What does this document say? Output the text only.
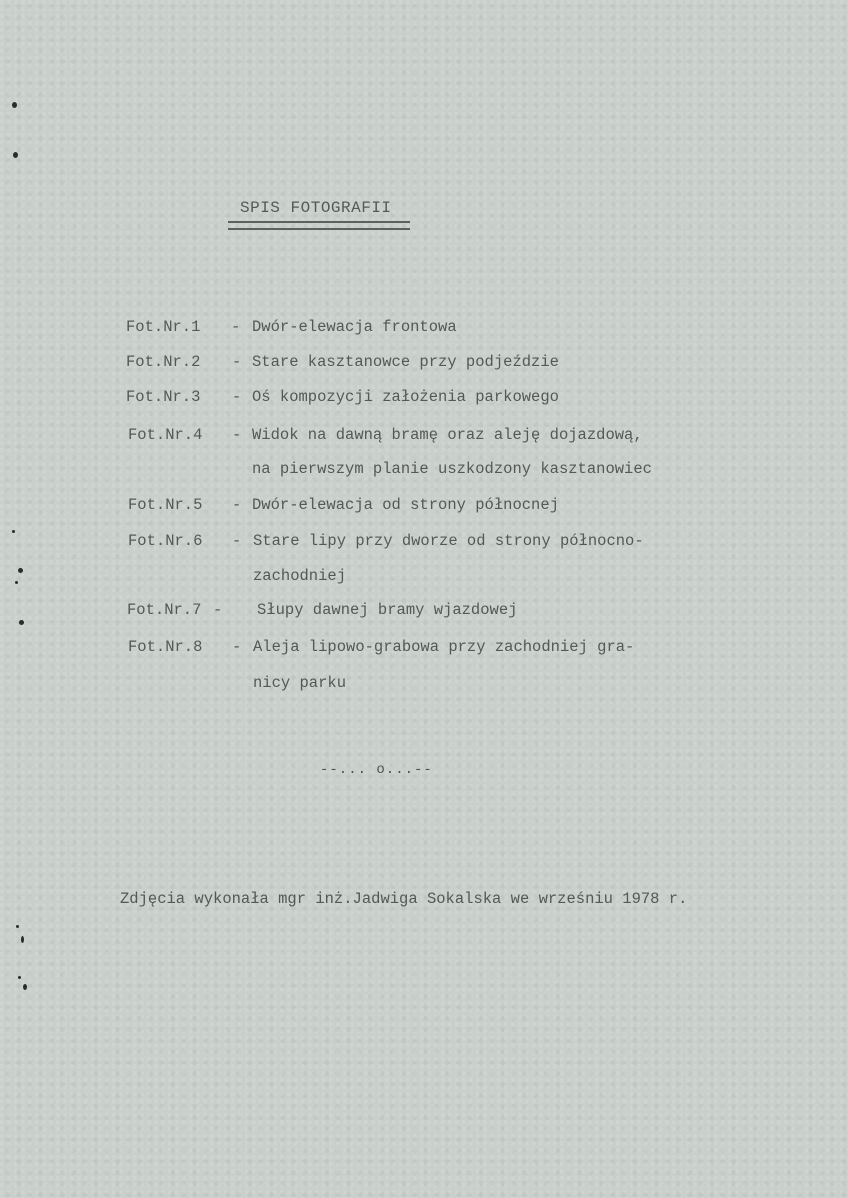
SPIS FOTOGRAFII
Fot.Nr.1 - Dwór-elewacja frontowa
Fot.Nr.2 - Stare kasztanowce przy podjeździe
Fot.Nr.3 - Oś kompozycji założenia parkowego
Fot.Nr.4 - Widok na dawną bramę oraz aleję dojazdową,
na pierwszym planie uszkodzony kasztanowiec
Fot.Nr.5 - Dwór-elewacja od strony północnej
Fot.Nr.6 - Stare lipy przy dworze od strony północno-
zachodniej
Fot.Nr.7 - Słupy dawnej bramy wjazdowej
Fot.Nr.8 - Aleja lipowo-grabowa przy zachodniej gra-
nicy parku
--... o...--
Zdjęcia wykonała mgr inż.Jadwiga Sokalska we wrześniu 1978 r.
